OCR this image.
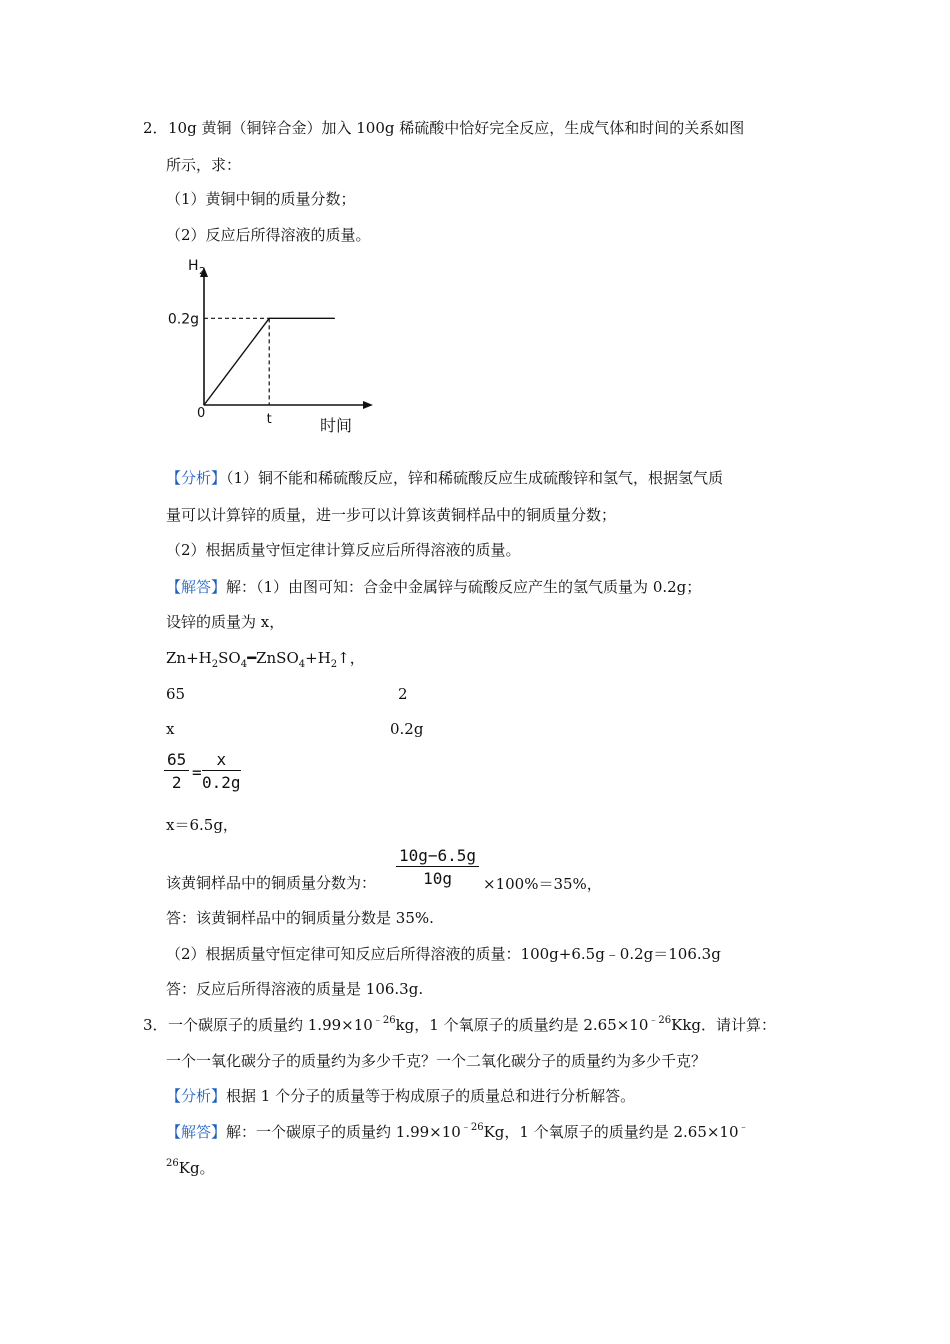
2． 10g 黄铜（铜锌合金）加入 100g 稀硫酸中恰好完全反应，生成气体和时间的关系如图
所示，求：
（1）黄铜中铜的质量分数；
（2）反应后所得溶液的质量。
H 2
0.2g
0	t	时间
【分析】（1）铜不能和稀硫酸反应，锌和稀硫酸反应生成硫酸锌和氢气，根据氢气质
量可以计算锌的质量，进一步可以计算该黄铜样品中的铜质量分数；
（2）根据质量守恒定律计算反应后所得溶液的质量。
【解答】解：（1）由图可知：合金中金属锌与硫酸反应产生的氢气质量为 0.2g；
设锌的质量为 x，
$Zn+H_2SO_4━ZnSO_4+H_2↑$，
65	2
x	0.2g
$\frac{65}{2} = \frac{x}{0.2g}$
x＝6.5g，
该黄铜样品中的铜质量分数为： $\frac{10g-6.5g}{10g} \times 100\%=35\%$，
答：该黄铜样品中的铜质量分数是 35%.
（2）根据质量守恒定律可知反应后所得溶液的质量：100g+6.5g﹣0.2g＝106.3g
答：反应后所得溶液的质量是 106.3g.
3． 一个碳原子的质量约 $1.99\times 10^{﹣26}kg$，1 个氧原子的质量约是 $2.65\times 10^{﹣26}Kkg$．请计算：
一个一氧化碳分子的质量约为多少千克？一个二氧化碳分子的质量约为多少千克？
【分析】根据 1 个分子的质量等于构成原子的质量总和进行分析解答。
【解答】解：一个碳原子的质量约 $1.99\times 10^{﹣26}Kg$，1 个氧原子的质量约是 2.65×10﹣
$^{26}$Kg。
